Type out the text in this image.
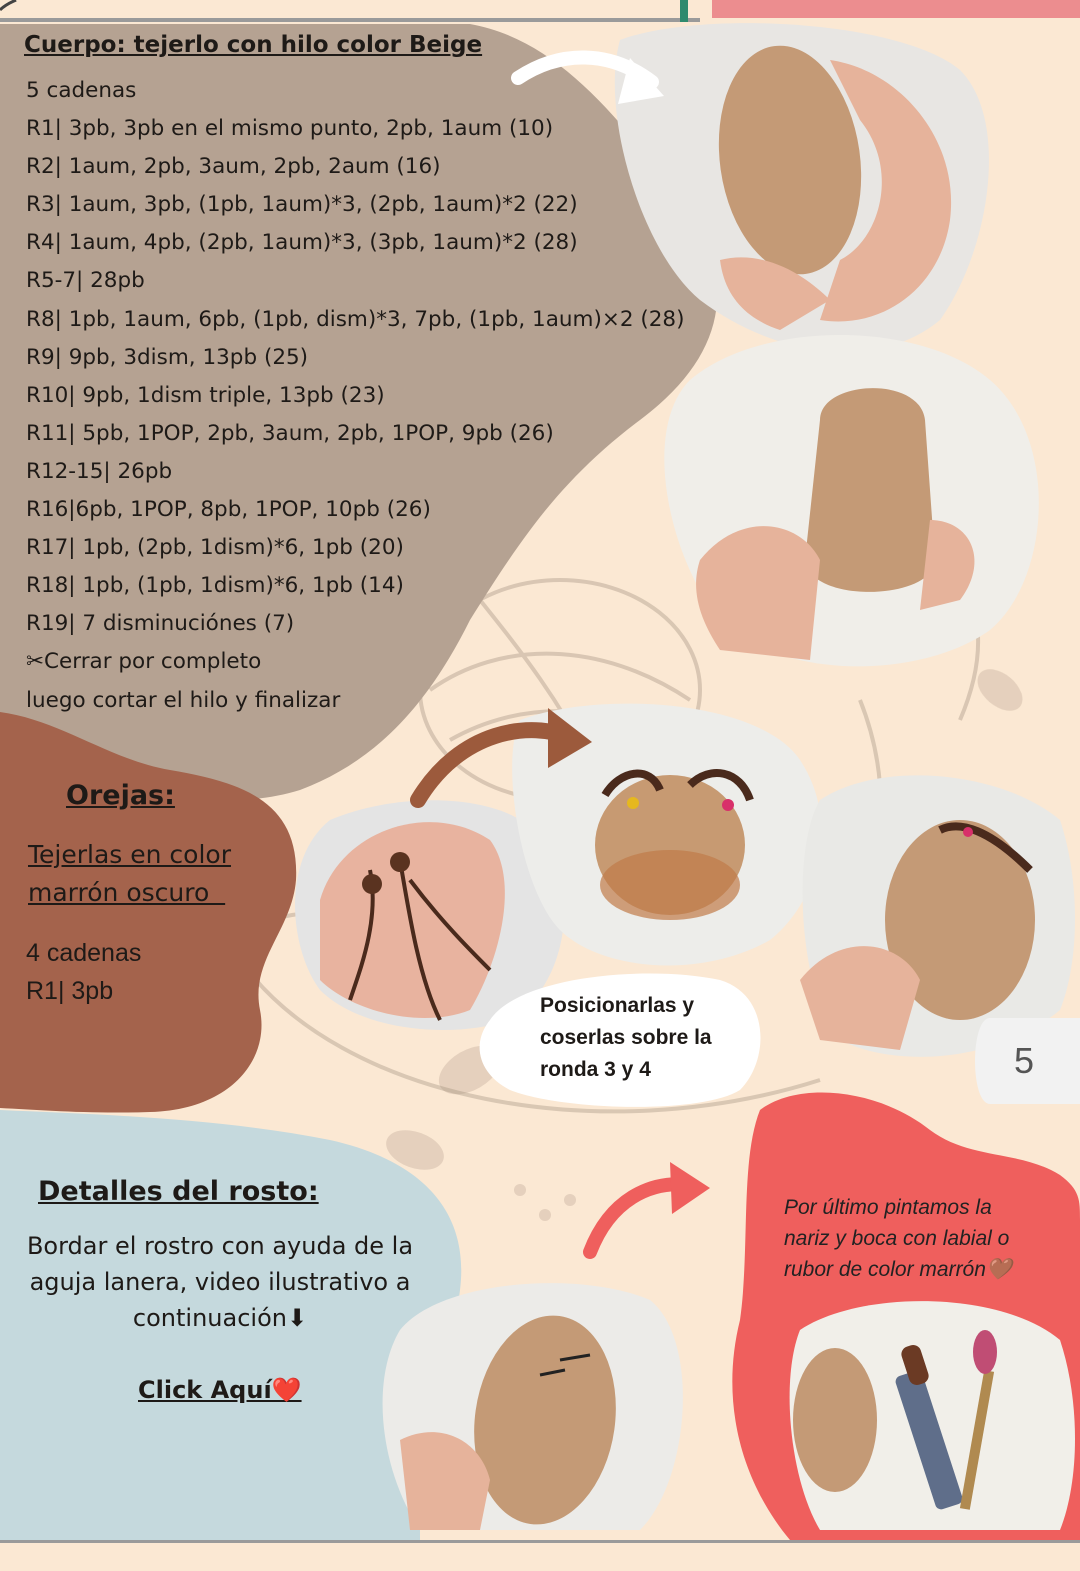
Cuerpo: tejerlo con hilo color Beige
5 cadenas
R1| 3pb, 3pb en el mismo punto, 2pb, 1aum (10)
R2| 1aum, 2pb, 3aum, 2pb, 2aum (16)
R3| 1aum, 3pb, (1pb, 1aum)*3, (2pb, 1aum)*2 (22)
R4| 1aum, 4pb, (2pb, 1aum)*3, (3pb, 1aum)*2 (28)
R5-7| 28pb
R8| 1pb, 1aum, 6pb, (1pb, dism)*3, 7pb, (1pb, 1aum)×2 (28)
R9| 9pb, 3dism, 13pb (25)
R10| 9pb, 1dism triple, 13pb (23)
R11| 5pb, 1POP, 2pb, 3aum, 2pb, 1POP, 9pb (26)
R12-15| 26pb
R16|6pb, 1POP, 8pb, 1POP, 10pb (26)
R17| 1pb, (2pb, 1dism)*6, 1pb (20)
R18| 1pb, (1pb, 1dism)*6, 1pb (14)
R19| 7 disminuciónes (7)
✂Cerrar por completo
luego cortar el hilo y finalizar
Orejas:
Tejerlas en color
marrón oscuro
4 cadenas
R1| 3pb
Posicionarlas y
coserlas sobre la
ronda 3 y 4	5
Detalles del rosto:
Bordar el rostro con ayuda de la aguja lanera, video ilustrativo a continuación⬇
Click Aquí❤️
Por último pintamos la
nariz y boca con labial o
rubor de color marrón🤎
